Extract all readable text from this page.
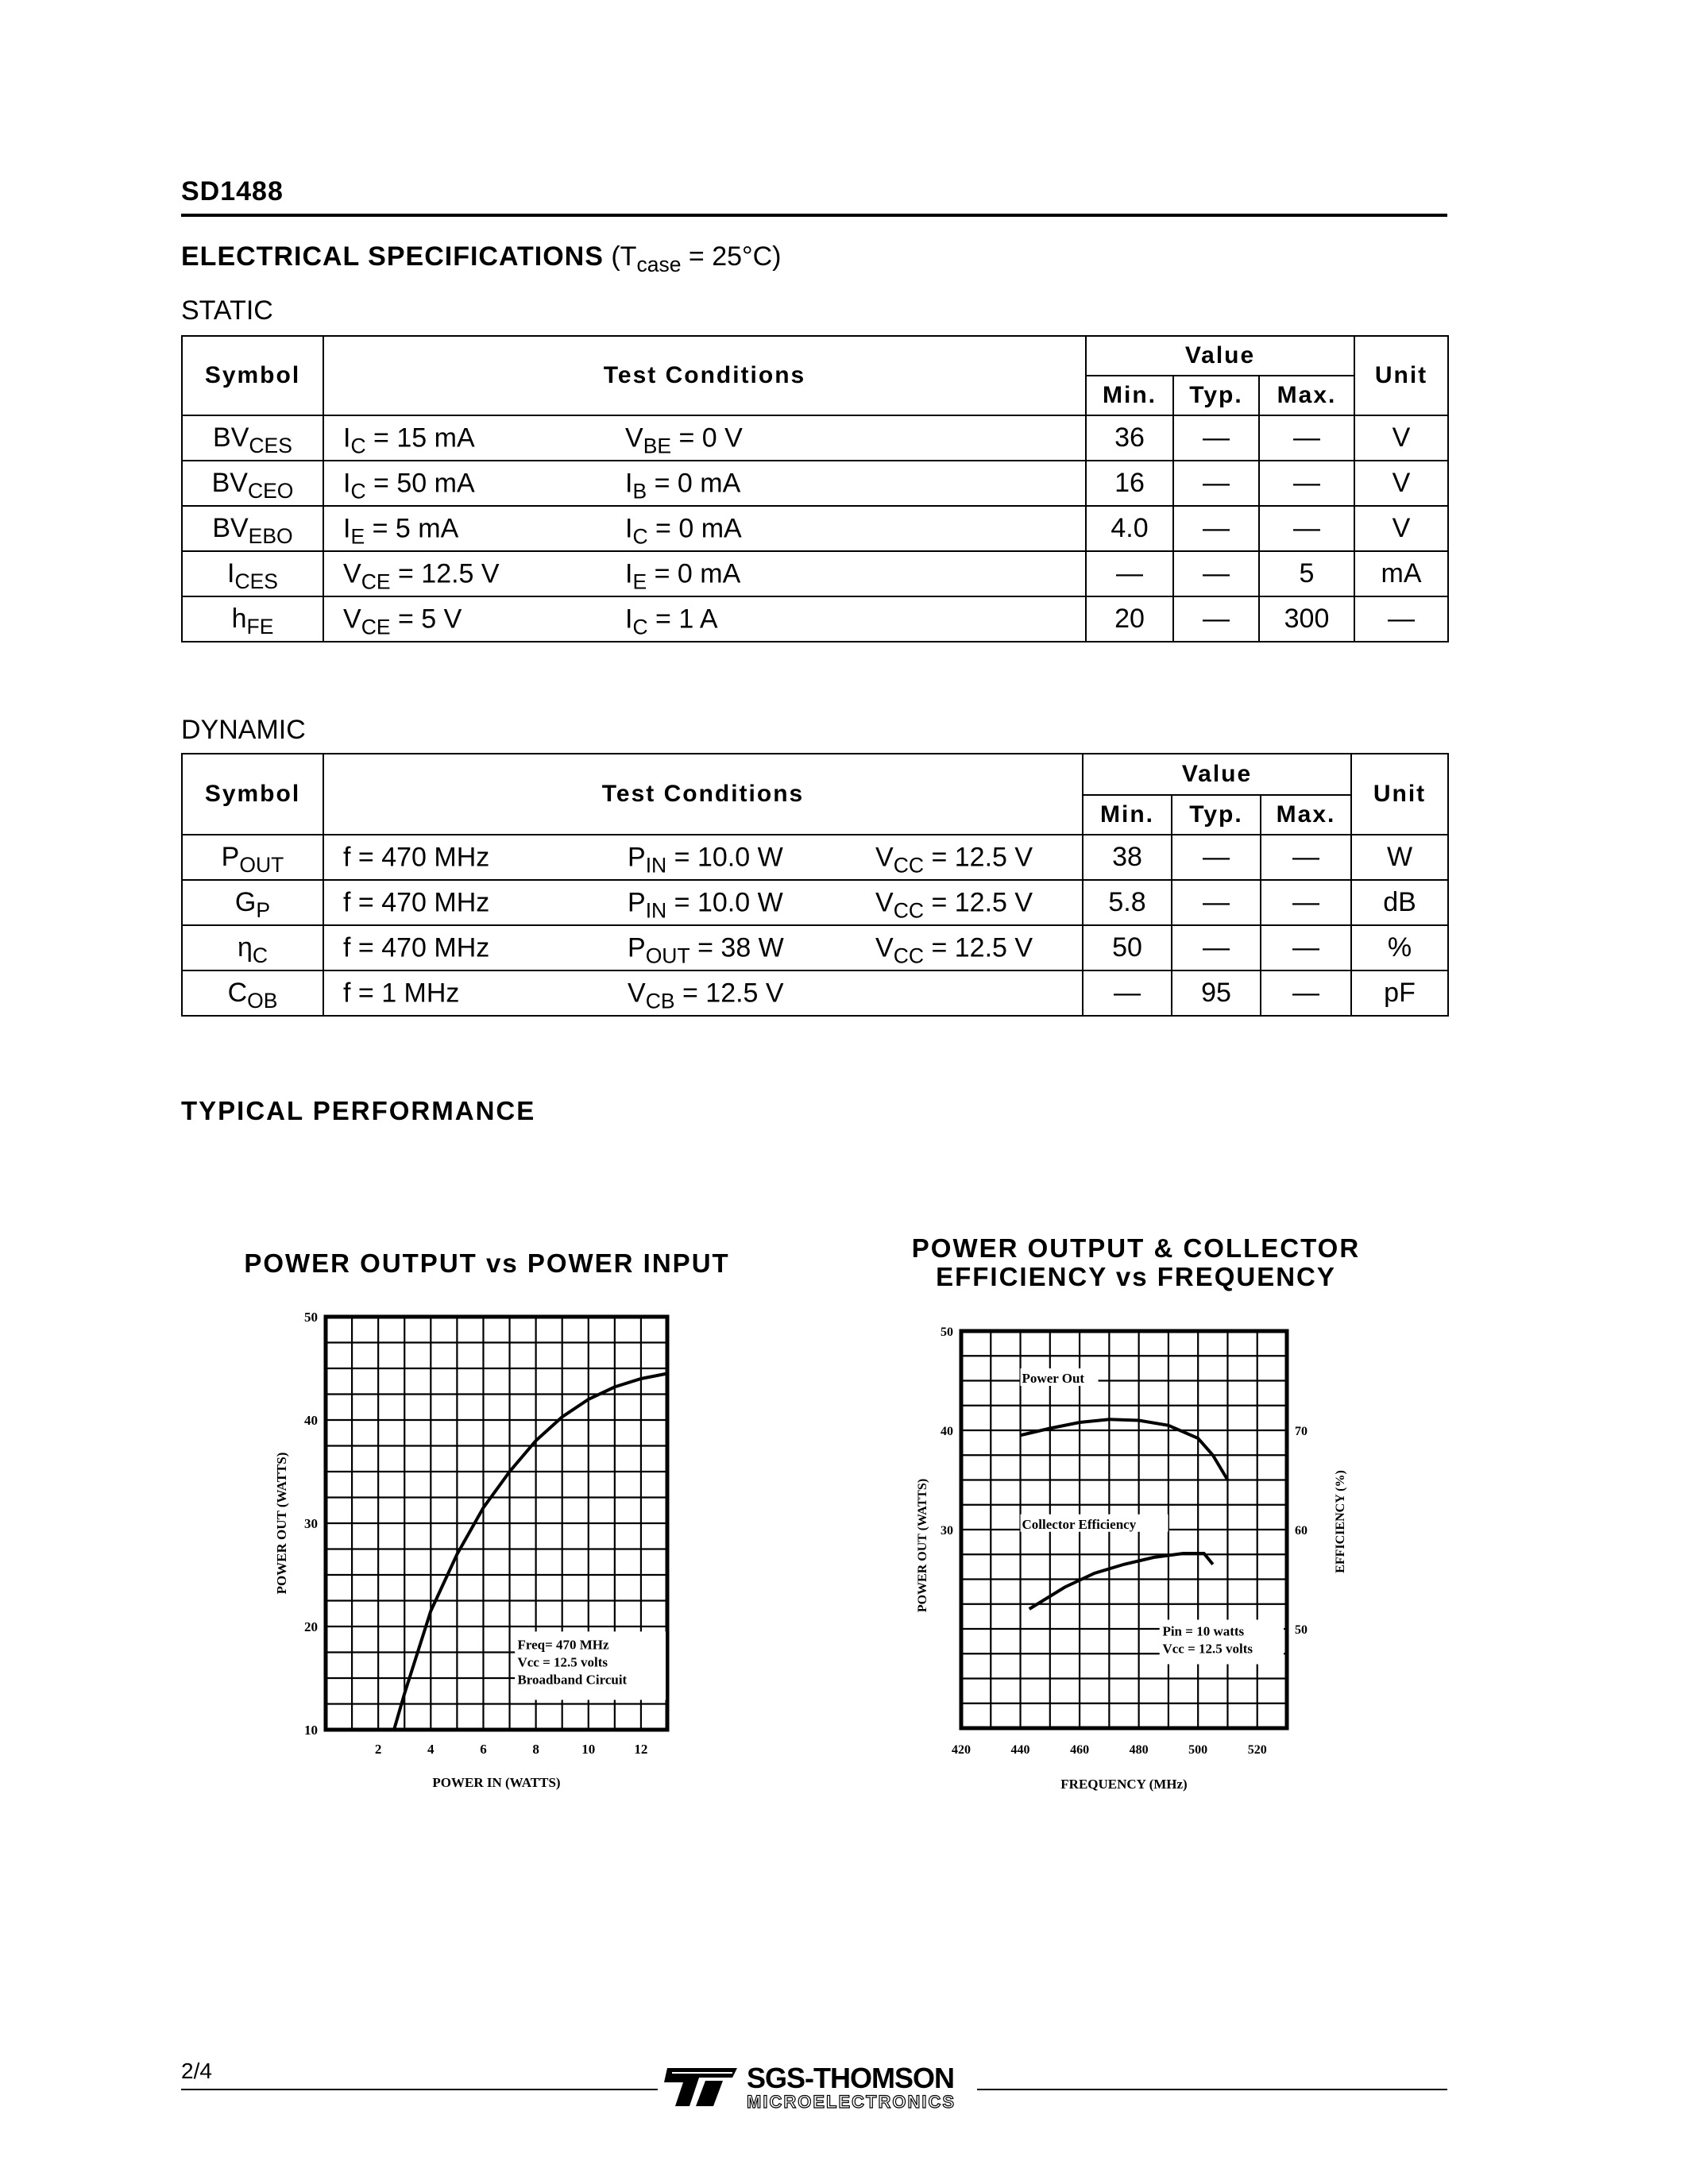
SD1488
ELECTRICAL SPECIFICATIONS $(T_{case} = 25^\circ C)$
STATIC
Symbol	Test Conditions	Value			Unit
		Min.	Typ.	Max.	
$BV_{CES}$	$I_C = 15$ mA $V_{BE} = 0$ V	36	—	—	V
$BV_{CEO}$	$I_C = 50$ mA $I_B = 0$ mA	16	—	—	V
$BV_{EBO}$	$I_E = 5$ mA $I_C = 0$ mA	4.0	—	—	V
$I_{CES}$	$V_{CE} = 12.5$ V $I_E = 0$ mA	—	—	5	mA
$h_{FE}$	$V_{CE} = 5$ V $I_C = 1$ A	20	—	300	—
DYNAMIC
Symbol	Test Conditions	Value			Unit
		Min.	Typ.	Max.	
$P_{OUT}$	f = 470 MHz $P_{IN} = 10.0$ W $V_{CC} = 12.5$ V	38	—	—	W
$G_P$	f = 470 MHz $P_{IN} = 10.0$ W $V_{CC} = 12.5$ V	5.8	—	—	dB
$\eta_C$	f = 470 MHz $P_{OUT} = 38$ W $V_{CC} = 12.5$ V	50	—	—	%
$C_{OB}$	f = 1 MHz $V_{CB} = 12.5$ V	—	95	—	pF
TYPICAL PERFORMANCE
POWER OUTPUT vs POWER INPUT
POWER OUTPUT & COLLECTOR
EFFICIENCY vs FREQUENCY
2	4	6	8	10	12
10
20
30
40
50
POWER IN (WATTS)
POWER OUT (WATTS)
Freq= 470 MHz
Vcc = 12.5 volts
Broadband Circuit
Power Out
Collector Efficiency
Pin = 10 watts
Vcc = 12.5 volts
420	440	460	480	500	520
30
40
50
50
60
70
FREQUENCY (MHz)
POWER OUT (WATTS)	EFFICIENCY (%)
2/4	SGS-THOMSON
MICROELECTRONICS
